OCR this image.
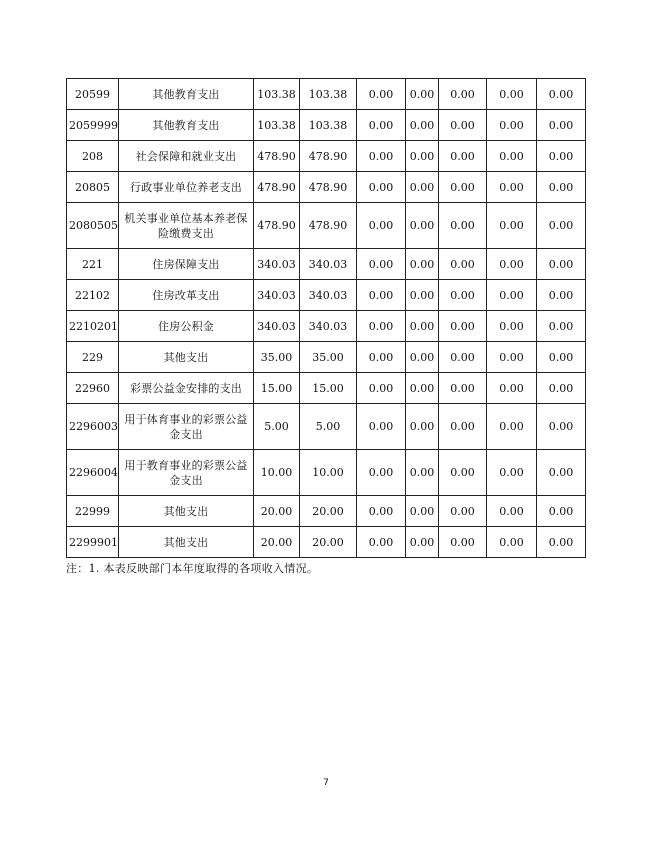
20599	其他教育支出	103.38	103.38	0.00	0.00	0.00	0.00	0.00
2059999	其他教育支出	103.38	103.38	0.00	0.00	0.00	0.00	0.00
208	社会保障和就业支出	478.90	478.90	0.00	0.00	0.00	0.00	0.00
20805	行政事业单位养老支出	478.90	478.90	0.00	0.00	0.00	0.00	0.00
2080505	机关事业单位基本养老保险缴费支出	478.90	478.90	0.00	0.00	0.00	0.00	0.00
221	住房保障支出	340.03	340.03	0.00	0.00	0.00	0.00	0.00
22102	住房改革支出	340.03	340.03	0.00	0.00	0.00	0.00	0.00
2210201	住房公积金	340.03	340.03	0.00	0.00	0.00	0.00	0.00
229	其他支出	35.00	35.00	0.00	0.00	0.00	0.00	0.00
22960	彩票公益金安排的支出	15.00	15.00	0.00	0.00	0.00	0.00	0.00
2296003	用于体育事业的彩票公益金支出	5.00	5.00	0.00	0.00	0.00	0.00	0.00
2296004	用于教育事业的彩票公益金支出	10.00	10.00	0.00	0.00	0.00	0.00	0.00
22999	其他支出	20.00	20.00	0.00	0.00	0.00	0.00	0.00
2299901	其他支出	20.00	20.00	0.00	0.00	0.00	0.00	0.00
注：1. 本表反映部门本年度取得的各项收入情况。
7
